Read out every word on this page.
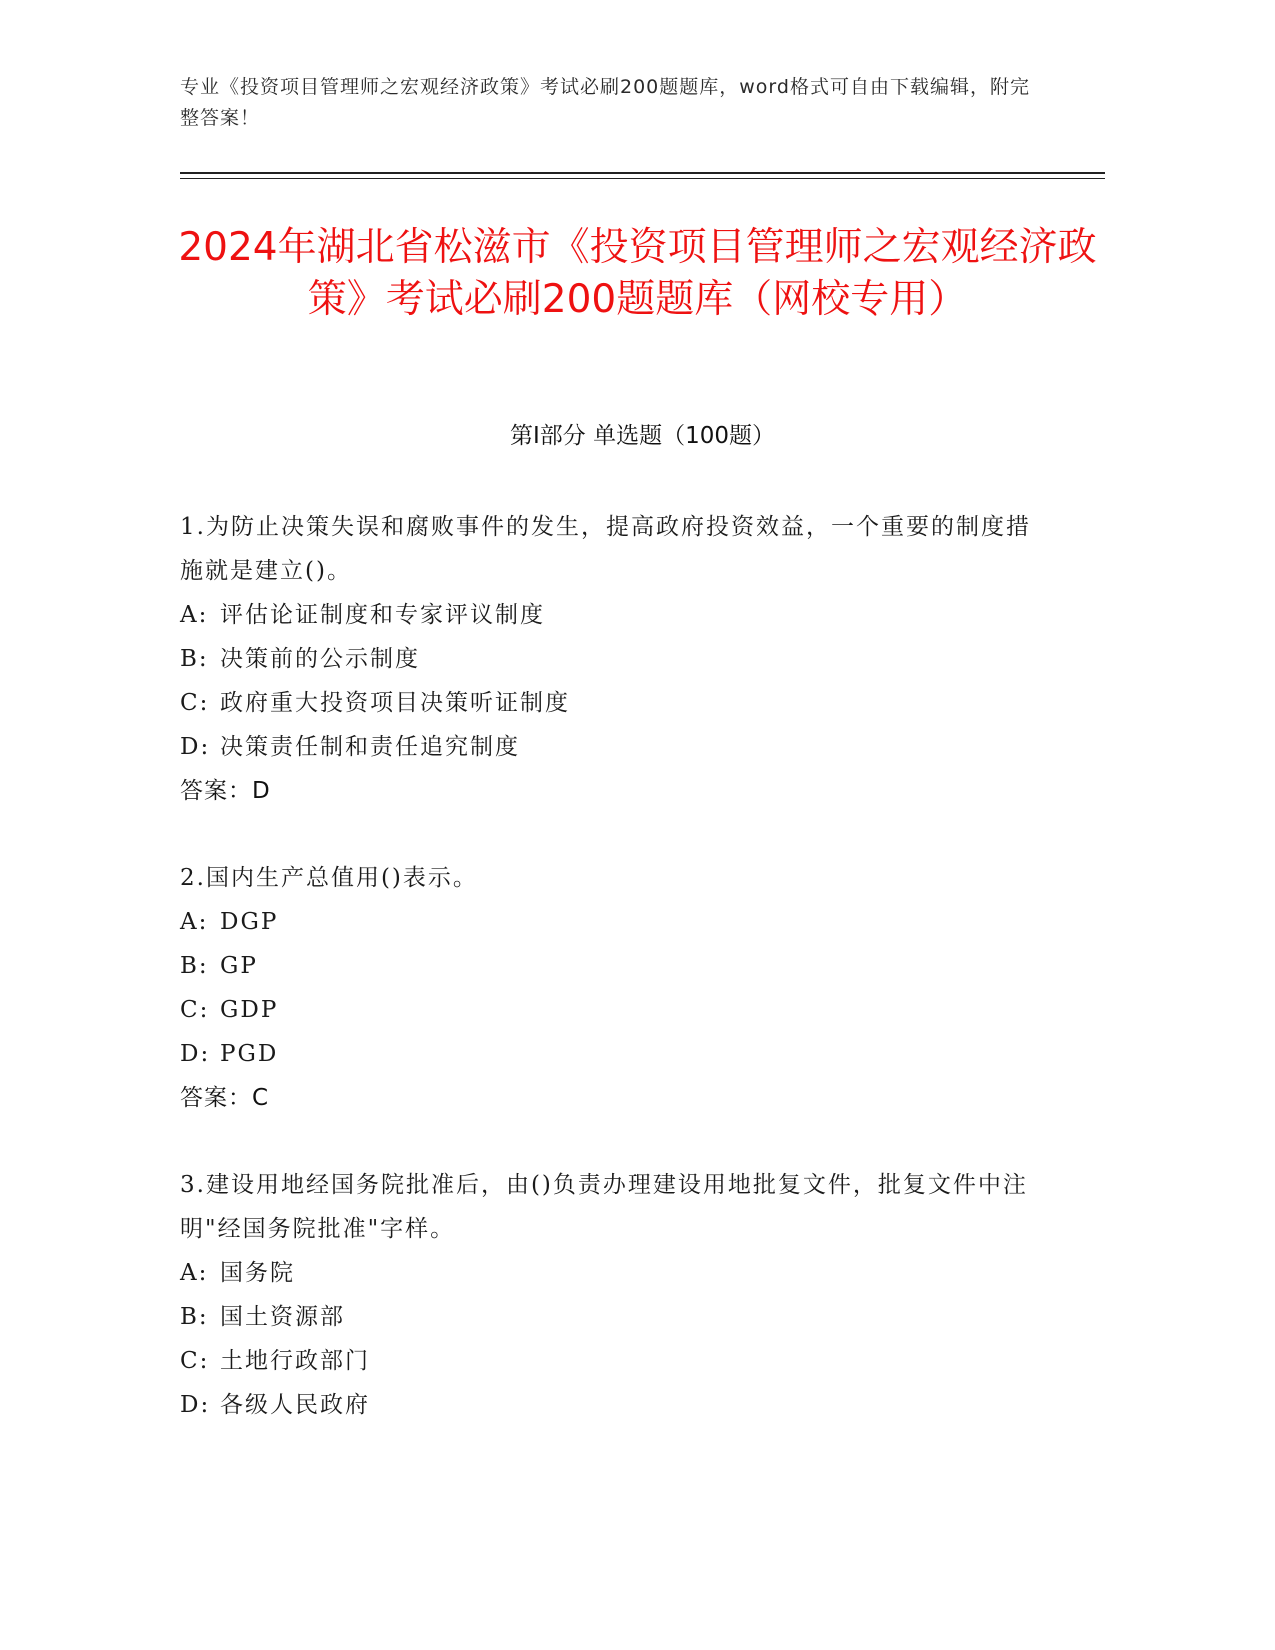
专业《投资项目管理师之宏观经济政策》考试必刷200题题库，word格式可自由下载编辑，附完整答案！
2024年湖北省松滋市《投资项目管理师之宏观经济政策》考试必刷200题题库（网校专用）
第I部分 单选题（100题）
1.为防止决策失误和腐败事件的发生，提高政府投资效益，一个重要的制度措施就是建立()。
A: 评估论证制度和专家评议制度
B: 决策前的公示制度
C: 政府重大投资项目决策听证制度
D: 决策责任制和责任追究制度
答案：D
2.国内生产总值用()表示。
A: DGP
B: GP
C: GDP
D: PGD
答案：C
3.建设用地经国务院批准后，由()负责办理建设用地批复文件，批复文件中注明"经国务院批准"字样。
A: 国务院
B: 国土资源部
C: 土地行政部门
D: 各级人民政府
